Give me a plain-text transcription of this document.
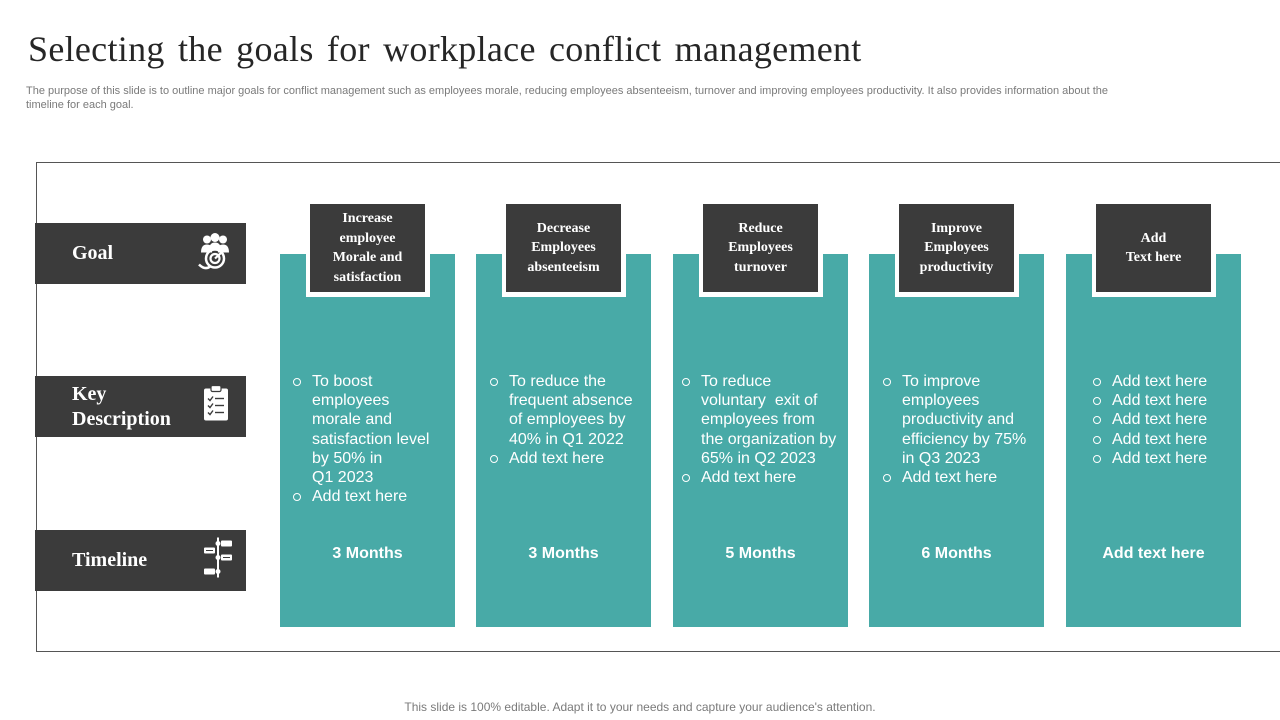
Selecting the goals for workplace conflict management
The purpose of this slide is to outline major goals for conflict management such as employees morale, reducing employees absenteeism, turnover and improving employees productivity. It also provides information about the timeline for each goal.
Goal
Key
Description
Timeline
Increase
employee
Morale and
satisfaction
To boost
employees
morale and
satisfaction level
by 50% in
Q1 2023
Add text here
3 Months
Decrease
Employees
absenteeism
To reduce the
frequent absence
of employees by
40% in Q1 2022
Add text here
3 Months
Reduce
Employees
turnover
To reduce
voluntary  exit of
employees from
the organization by
65% in Q2 2023
Add text here
5 Months
Improve
Employees
productivity
To improve
employees
productivity and
efficiency by 75%
in Q3 2023
Add text here
6 Months
Add
Text here
Add text here
Add text here
Add text here
Add text here
Add text here
Add text here
This slide is 100% editable. Adapt it to your needs and capture your audience's attention.
